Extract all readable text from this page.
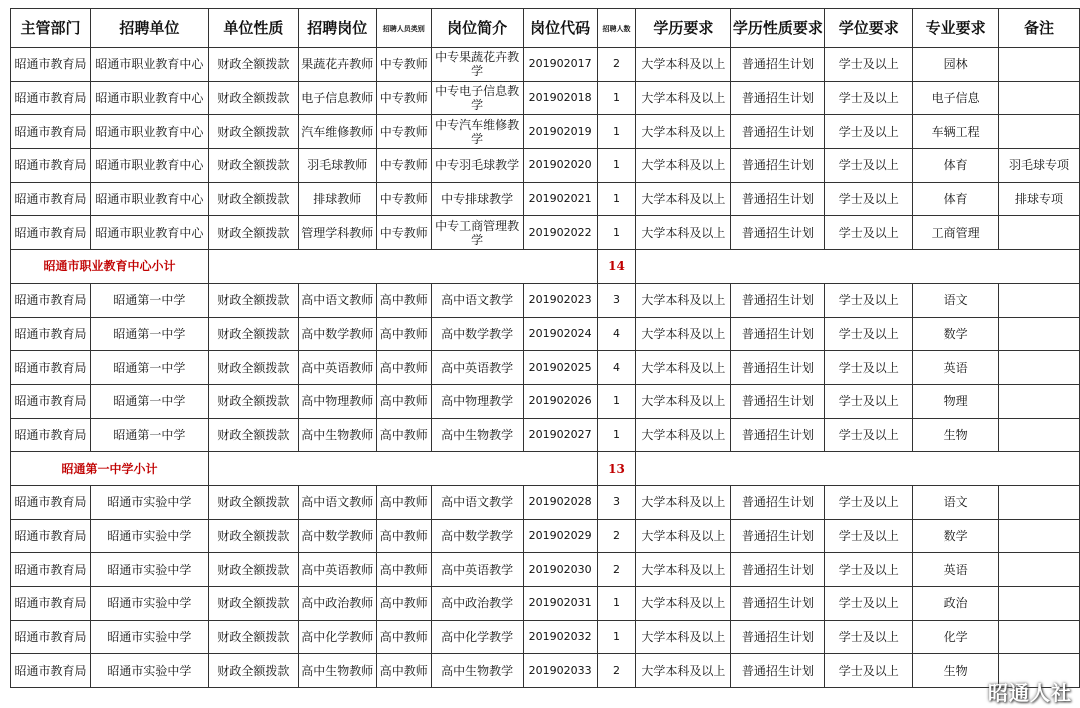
主管部门	招聘单位	单位性质	招聘岗位	招聘人员类别	岗位简介	岗位代码	招聘人数	学历要求	学历性质要求	学位要求	专业要求	备注
昭通市教育局	昭通市职业教育中心	财政全额拨款	果蔬花卉教师	中专教师	中专果蔬花卉教学	201902017	2	大学本科及以上	普通招生计划	学士及以上	园林	
昭通市教育局	昭通市职业教育中心	财政全额拨款	电子信息教师	中专教师	中专电子信息教学	201902018	1	大学本科及以上	普通招生计划	学士及以上	电子信息	
昭通市教育局	昭通市职业教育中心	财政全额拨款	汽车维修教师	中专教师	中专汽车维修教学	201902019	1	大学本科及以上	普通招生计划	学士及以上	车辆工程	
昭通市教育局	昭通市职业教育中心	财政全额拨款	羽毛球教师	中专教师	中专羽毛球教学	201902020	1	大学本科及以上	普通招生计划	学士及以上	体育	羽毛球专项
昭通市教育局	昭通市职业教育中心	财政全额拨款	排球教师	中专教师	中专排球教学	201902021	1	大学本科及以上	普通招生计划	学士及以上	体育	排球专项
昭通市教育局	昭通市职业教育中心	财政全额拨款	管理学科教师	中专教师	中专工商管理教学	201902022	1	大学本科及以上	普通招生计划	学士及以上	工商管理	
昭通市职业教育中心小计							14					
昭通市教育局	昭通第一中学	财政全额拨款	高中语文教师	高中教师	高中语文教学	201902023	3	大学本科及以上	普通招生计划	学士及以上	语文	
昭通市教育局	昭通第一中学	财政全额拨款	高中数学教师	高中教师	高中数学教学	201902024	4	大学本科及以上	普通招生计划	学士及以上	数学	
昭通市教育局	昭通第一中学	财政全额拨款	高中英语教师	高中教师	高中英语教学	201902025	4	大学本科及以上	普通招生计划	学士及以上	英语	
昭通市教育局	昭通第一中学	财政全额拨款	高中物理教师	高中教师	高中物理教学	201902026	1	大学本科及以上	普通招生计划	学士及以上	物理	
昭通市教育局	昭通第一中学	财政全额拨款	高中生物教师	高中教师	高中生物教学	201902027	1	大学本科及以上	普通招生计划	学士及以上	生物	
昭通第一中学小计							13					
昭通市教育局	昭通市实验中学	财政全额拨款	高中语文教师	高中教师	高中语文教学	201902028	3	大学本科及以上	普通招生计划	学士及以上	语文	
昭通市教育局	昭通市实验中学	财政全额拨款	高中数学教师	高中教师	高中数学教学	201902029	2	大学本科及以上	普通招生计划	学士及以上	数学	
昭通市教育局	昭通市实验中学	财政全额拨款	高中英语教师	高中教师	高中英语教学	201902030	2	大学本科及以上	普通招生计划	学士及以上	英语	
昭通市教育局	昭通市实验中学	财政全额拨款	高中政治教师	高中教师	高中政治教学	201902031	1	大学本科及以上	普通招生计划	学士及以上	政治	
昭通市教育局	昭通市实验中学	财政全额拨款	高中化学教师	高中教师	高中化学教学	201902032	1	大学本科及以上	普通招生计划	学士及以上	化学	
昭通市教育局	昭通市实验中学	财政全额拨款	高中生物教师	高中教师	高中生物教学	201902033	2	大学本科及以上	普通招生计划	学士及以上	生物	
昭通人社
